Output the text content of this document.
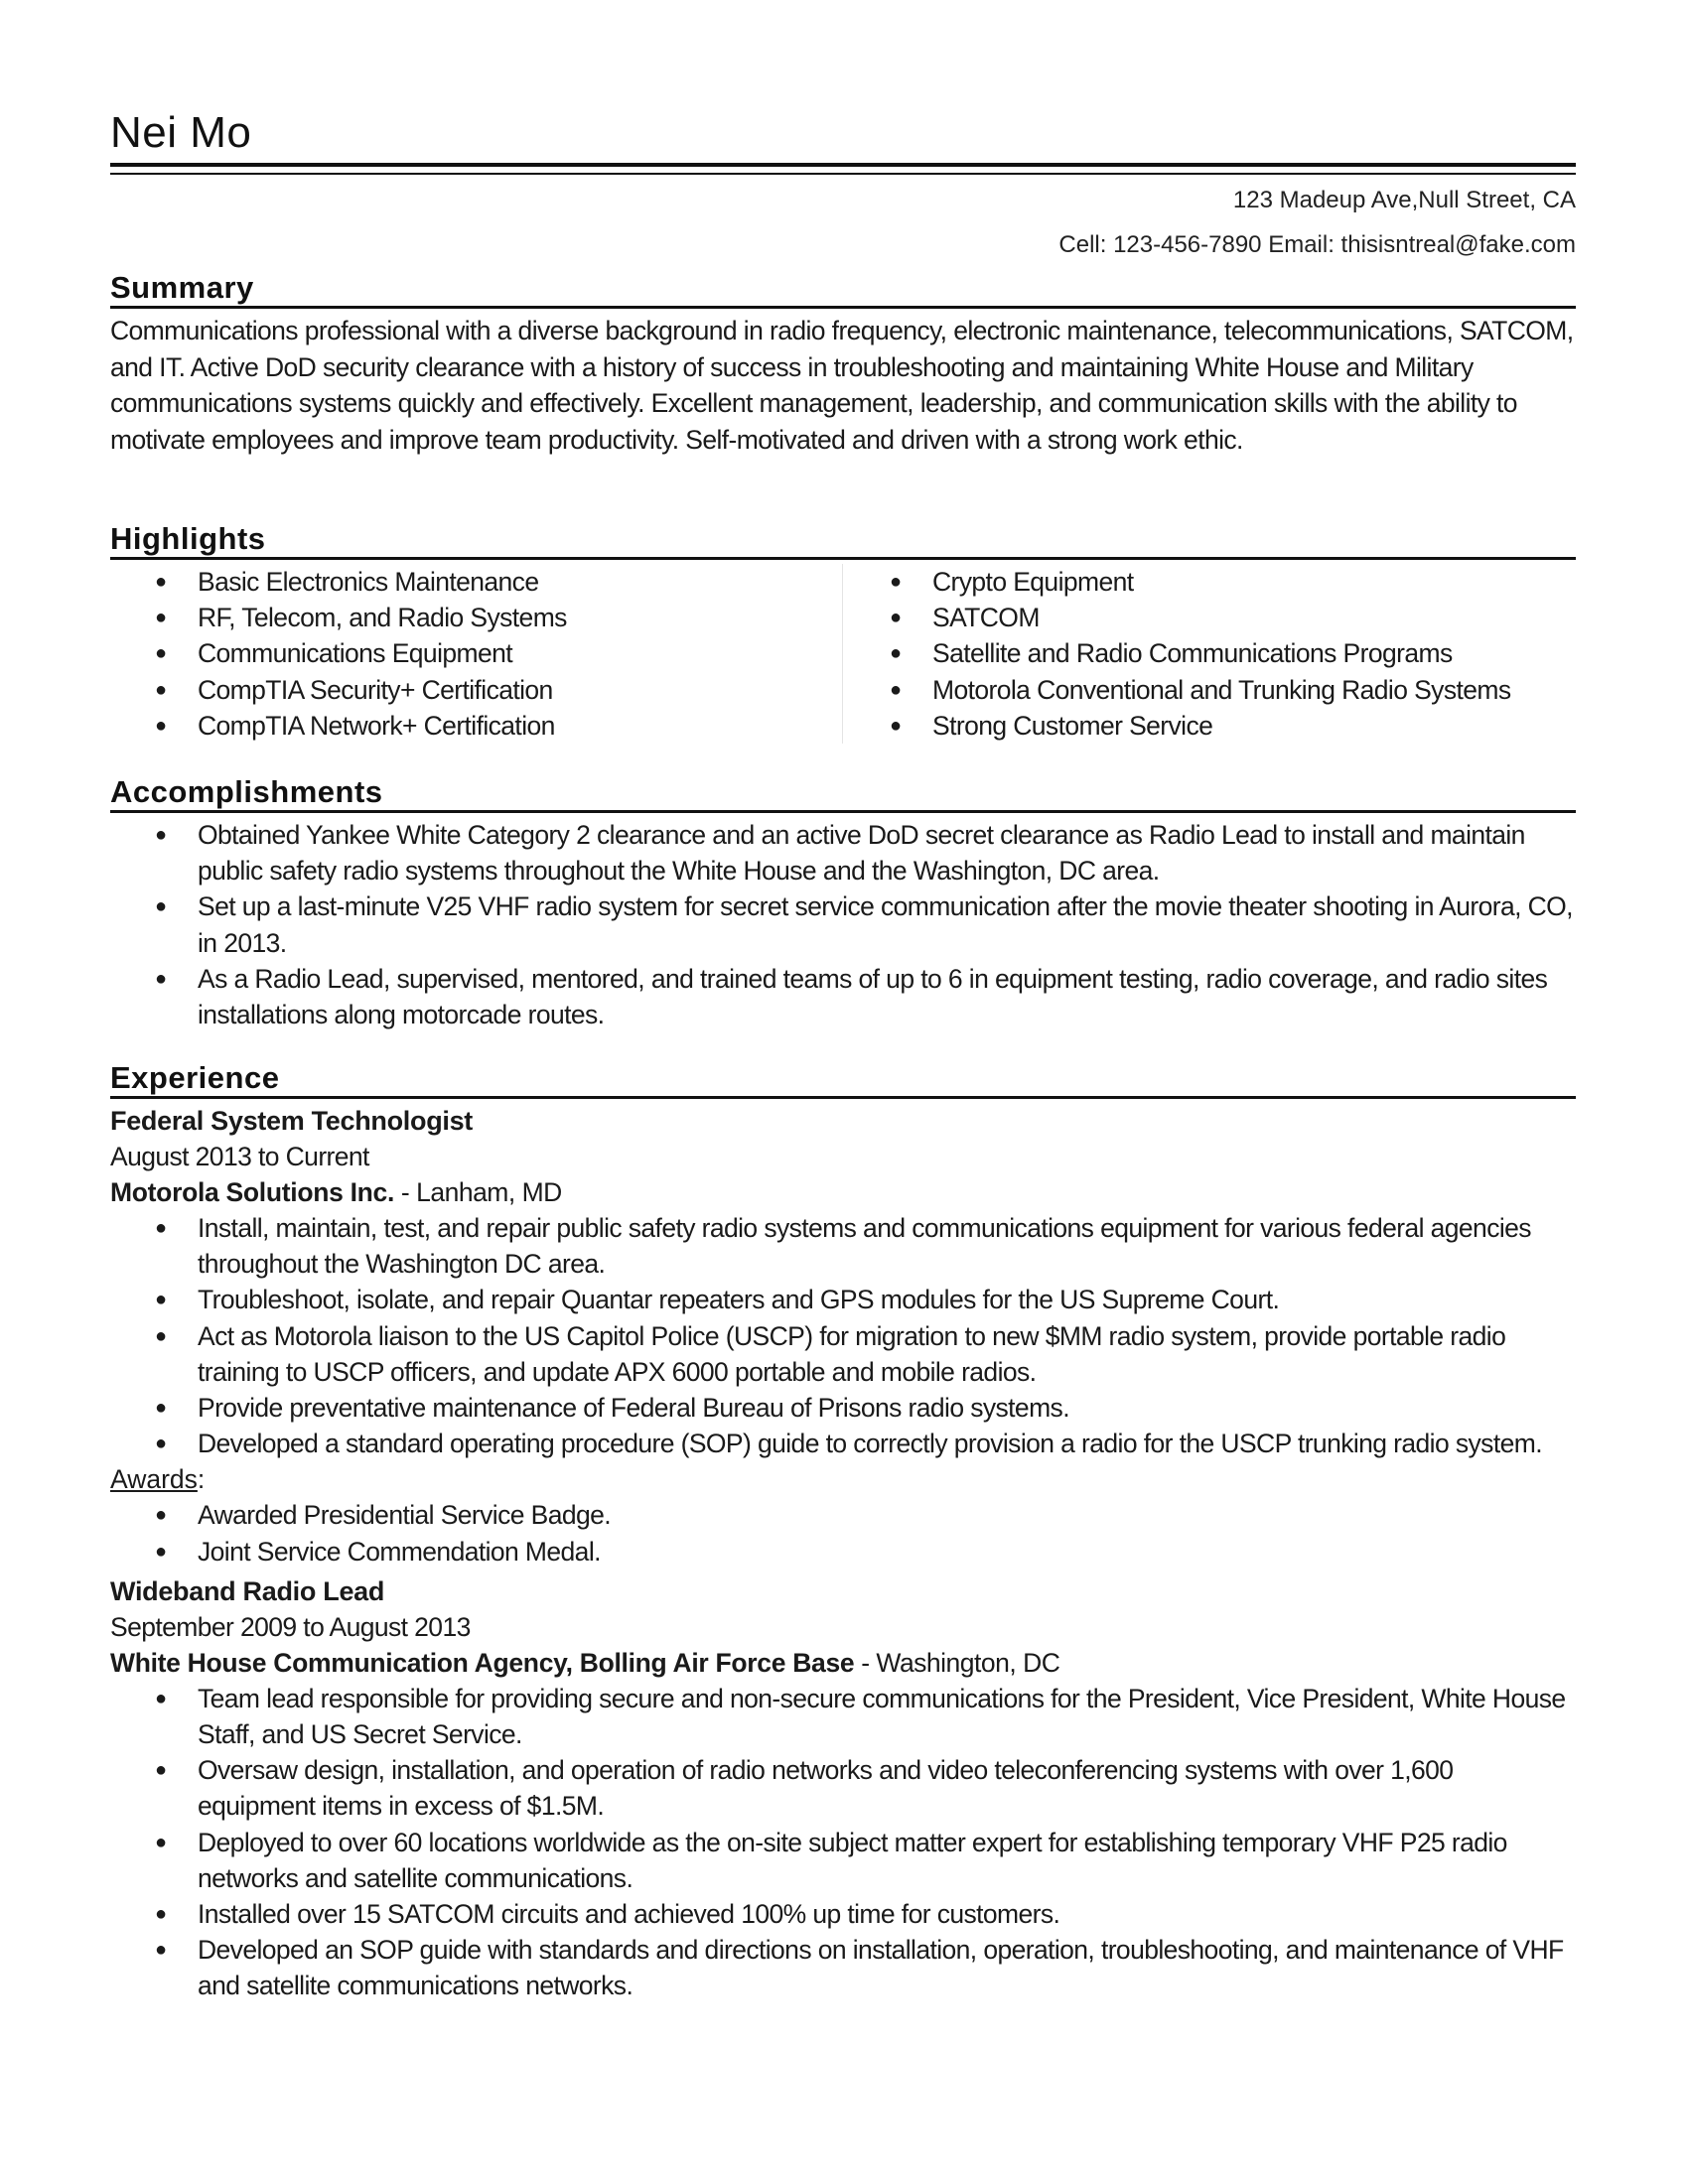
Nei Mo
123 Madeup Ave,Null Street, CA
Cell: 123-456-7890 Email: thisisntreal@fake.com
Summary
Communications professional with a diverse background in radio frequency, electronic maintenance, telecommunications, SATCOM, and IT. Active DoD security clearance with a history of success in troubleshooting and maintaining White House and Military communications systems quickly and effectively. Excellent management, leadership, and communication skills with the ability to motivate employees and improve team productivity. Self-motivated and driven with a strong work ethic.
Highlights
● Basic Electronics Maintenance
● RF, Telecom, and Radio Systems
● Communications Equipment
● CompTIA Security+ Certification
● CompTIA Network+ Certification
● Crypto Equipment
● SATCOM
● Satellite and Radio Communications Programs
● Motorola Conventional and Trunking Radio Systems
● Strong Customer Service
Accomplishments
● Obtained Yankee White Category 2 clearance and an active DoD secret clearance as Radio Lead to install and maintain public safety radio systems throughout the White House and the Washington, DC area.
● Set up a last-minute V25 VHF radio system for secret service communication after the movie theater shooting in Aurora, CO, in 2013.
● As a Radio Lead, supervised, mentored, and trained teams of up to 6 in equipment testing, radio coverage, and radio sites installations along motorcade routes.
Experience
Federal System Technologist
August 2013 to Current
Motorola Solutions Inc. - Lanham, MD
● Install, maintain, test, and repair public safety radio systems and communications equipment for various federal agencies throughout the Washington DC area.
● Troubleshoot, isolate, and repair Quantar repeaters and GPS modules for the US Supreme Court.
● Act as Motorola liaison to the US Capitol Police (USCP) for migration to new $MM radio system, provide portable radio training to USCP officers, and update APX 6000 portable and mobile radios.
● Provide preventative maintenance of Federal Bureau of Prisons radio systems.
● Developed a standard operating procedure (SOP) guide to correctly provision a radio for the USCP trunking radio system.
Awards:
● Awarded Presidential Service Badge.
● Joint Service Commendation Medal.
Wideband Radio Lead
September 2009 to August 2013
White House Communication Agency, Bolling Air Force Base - Washington, DC
● Team lead responsible for providing secure and non-secure communications for the President, Vice President, White House Staff, and US Secret Service.
● Oversaw design, installation, and operation of radio networks and video teleconferencing systems with over 1,600 equipment items in excess of $1.5M.
● Deployed to over 60 locations worldwide as the on-site subject matter expert for establishing temporary VHF P25 radio networks and satellite communications.
● Installed over 15 SATCOM circuits and achieved 100% up time for customers.
● Developed an SOP guide with standards and directions on installation, operation, troubleshooting, and maintenance of VHF and satellite communications networks.
